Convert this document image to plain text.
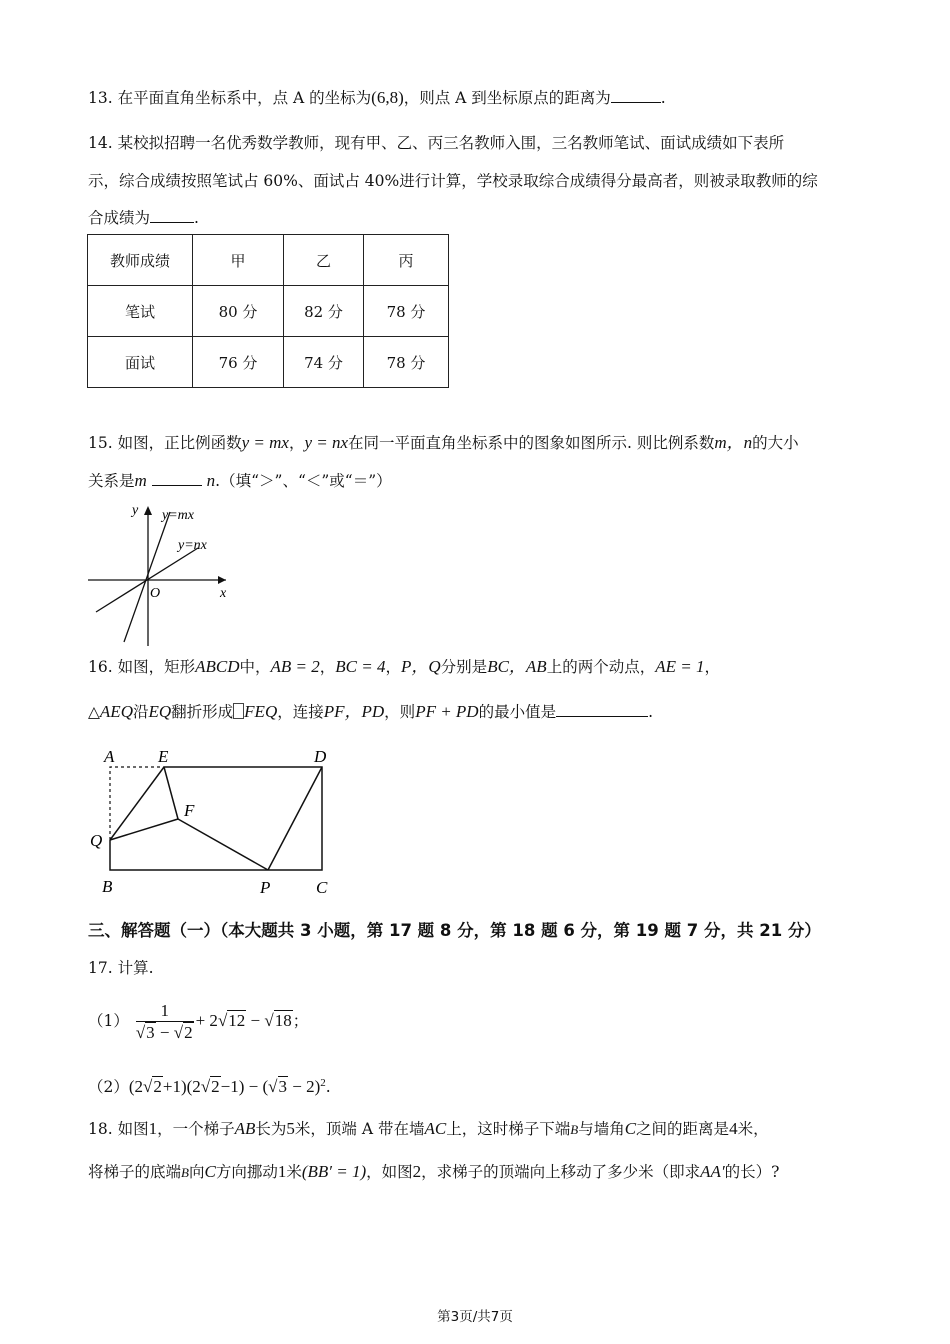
13. 在平面直角坐标系中，点 A 的坐标为(6,8)，则点 A 到坐标原点的距离为	.
14. 某校拟招聘一名优秀数学教师，现有甲、乙、丙三名教师入围，三名教师笔试、面试成绩如下表所
示，综合成绩按照笔试占 60%、面试占 40%进行计算，学校录取综合成绩得分最高者，则被录取教师的综
合成绩为	.
教师成绩	甲	乙	丙
笔试	80 分	82 分	78 分
面试	76 分	74 分	78 分
15. 如图，正比例函数y = mx，y = nx在同一平面直角坐标系中的图象如图所示. 则比例系数m，n的大小
关系是m	n.（填“＞”、“＜”或“＝”）
y
x
O
y=mx
y=nx
16. 如图，矩形ABCD中，AB = 2，BC = 4，P，Q分别是BC，AB上的两个动点，AE = 1，
△AEQ沿EQ翻折形成 FEQ，连接PF，PD，则PF + PD的最小值是	.
A	E	D
F
Q
B	P	C
三、解答题（一）（本大题共 3 小题，第 17 题 8 分，第 18 题 6 分，第 19 题 7 分，共 21 分）
17. 计算.
$(1) \frac{1}{√3 - √2} + 2√12 - √18$；
$(2)(2√2+1)(2√2-1) - (√3 - 2)^2$.
18. 如图1，一个梯子AB长为5米，顶端 A 带在墙AC上，这时梯子下端B与墙角C之间的距离是4米，
将梯子的底端B向C方向挪动1米(BB′ = 1)，如图2，求梯子的顶端向上移动了多少米（即求AA′的长）?
第3页/共7页
